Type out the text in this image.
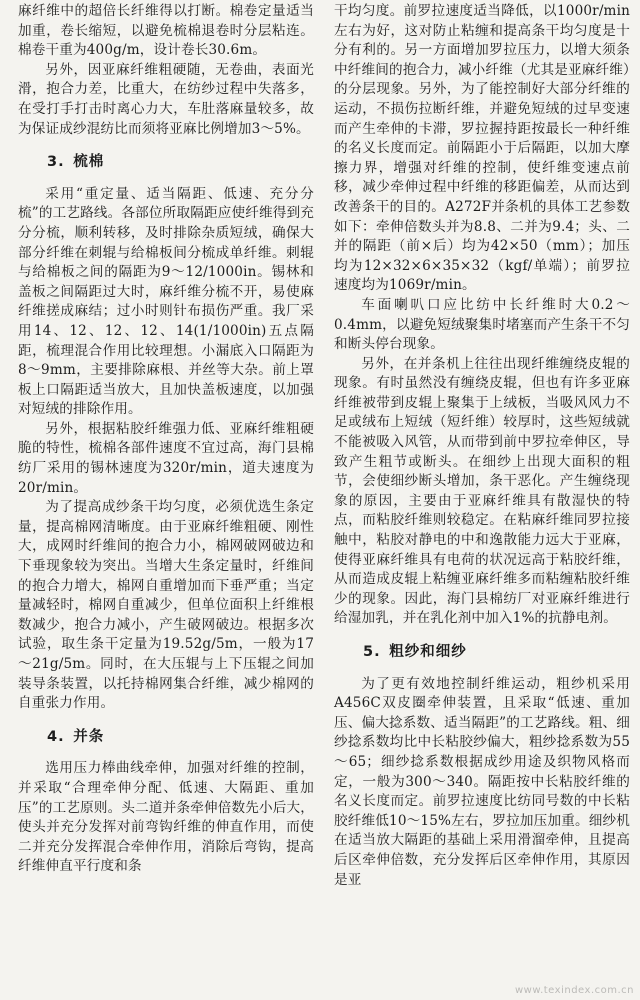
麻纤维中的超倍长纤维得以打断。棉卷定量适当加重，卷长缩短，以避免梳棉退卷时分层粘连。棉卷干重为400g/m，设计卷长30.6m。

另外，因亚麻纤维粗硬随，无卷曲，表面光滑，抱合力差，比重大，在纺纱过程中失落多，在受打手打击时离心力大，车肚落麻量较多，故为保证成纱混纺比而须将亚麻比例增加3～5%。

3. 梳棉

采用“重定量、适当隔距、低速、充分分梳”的工艺路线。各部位所取隔距应使纤维得到充分分梳，顺利转移，及时排除杂质短绒，确保大部分纤维在刺辊与给棉板间分梳成单纤维。刺辊与给棉板之间的隔距为9～12/1000in。锡林和盖板之间隔距过大时，麻纤维分梳不开，易使麻纤维搓成麻结；过小时则针布损伤严重。我厂采用14、12、12、12、14(1/1000in)五点隔距，梳理混合作用比较理想。小漏底入口隔距为8～9mm，主要排除麻根、并丝等大杂。前上罩板上口隔距适当放大，且加快盖板速度，以加强对短绒的排除作用。

另外，根据粘胶纤维强力低、亚麻纤维粗硬脆的特性，梳棉各部件速度不宜过高，海门县棉纺厂采用的锡林速度为320r/min，道夫速度为20r/min。

为了提高成纱条干均匀度，必须优选生条定量，提高棉网清晰度。由于亚麻纤维粗硬、刚性大，成网时纤维间的抱合力小，棉网破网破边和下垂现象较为突出。当增大生条定量时，纤维间的抱合力增大，棉网自重增加而下垂严重；当定量减轻时，棉网自重减少，但单位面积上纤维根数减少，抱合力减小，产生破网破边。根据多次试验，取生条干定量为19.52g/5m，一般为17～21g/5m。同时，在大压辊与上下压辊之间加装导条装置，以托持棉网集合纤维，减少棉网的自重张力作用。

4. 并条

选用压力棒曲线牵伸，加强对纤维的控制，并采取“合理牵伸分配、低速、大隔距、重加压”的工艺原则。头二道并条牵伸倍数先小后大，使头并充分发挥对前弯钩纤维的伸直作用，而使二并充分发挥混合牵伸作用，消除后弯钩，提高纤维伸直平行度和条

干均匀度。前罗拉速度适当降低，以1000r/min左右为好，这对防止粘缠和提高条干均匀度是十分有利的。另一方面增加罗拉压力，以增大须条中纤维间的抱合力，减小纤维（尤其是亚麻纤维）的分层现象。另外，为了能控制好大部分纤维的运动，不损伤拉断纤维，并避免短绒的过早变速而产生牵伸的卡滞，罗拉握持距按最长一种纤维的名义长度而定。前隔距小于后隔距，以加大摩擦力界，增强对纤维的控制，使纤维变速点前移，减少牵伸过程中纤维的移距偏差，从而达到改善条干的目的。A272F并条机的具体工艺参数如下：牵伸倍数头并为8.8、二并为9.4；头、二并的隔距（前×后）均为42×50（mm）；加压均为12×32×6×35×32（kgf/单端）；前罗拉速度均为1069r/min。

车面喇叭口应比纺中长纤维时大0.2～0.4mm，以避免短绒聚集时堵塞而产生条干不匀和断头停台现象。

另外，在并条机上往往出现纤维缠绕皮辊的现象。有时虽然没有缠绕皮辊，但也有许多亚麻纤维被带到皮辊上聚集于上绒板，当吸风风力不足或绒布上短绒（短纤维）较厚时，这些短绒就不能被吸入风管，从而带到前中罗拉牵伸区，导致产生粗节或断头。在细纱上出现大面积的粗节，会使细纱断头增加，条干恶化。产生缠绕现象的原因，主要由于亚麻纤维具有散湿快的特点，而粘胶纤维则较稳定。在粘麻纤维同罗拉接触中，粘胶对静电的中和逸散能力远大于亚麻，使得亚麻纤维具有电荷的状况远高于粘胶纤维，从而造成皮辊上粘缠亚麻纤维多而粘缠粘胶纤维少的现象。因此，海门县棉纺厂对亚麻纤维进行给湿加乳，并在乳化剂中加入1%的抗静电剂。

5. 粗纱和细纱

为了更有效地控制纤维运动，粗纱机采用A456C双皮圈牵伸装置，且采取“低速、重加压、偏大捻系数、适当隔距”的工艺路线。粗、细纱捻系数均比中长粘胶纱偏大，粗纱捻系数为55～65；细纱捻系数根据成纱用途及织物风格而定，一般为300～340。隔距按中长粘胶纤维的名义长度而定。前罗拉速度比纺同号数的中长粘胶纤维低10～15%左右，罗拉加压加重。细纱机在适当放大隔距的基础上采用滑溜牵伸，且提高后区牵伸倍数，充分发挥后区牵伸作用，其原因是亚

www.texindex.com.cn
